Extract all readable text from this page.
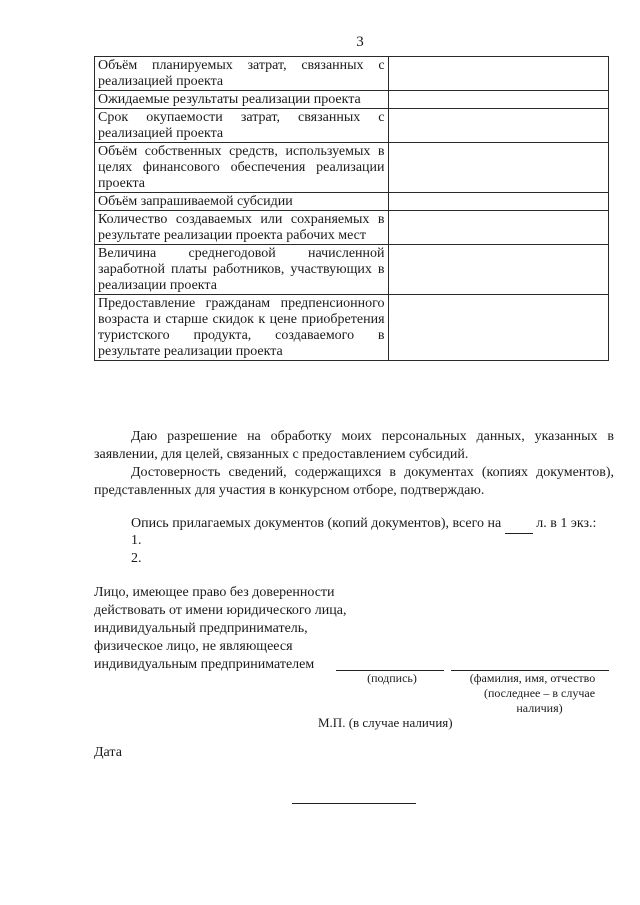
3
Объём планируемых затрат, связанных с реализацией проекта	
Ожидаемые результаты реализации проекта	
Срок окупаемости затрат, связанных с реализацией проекта	
Объём собственных средств, используемых в целях финансового обеспечения реализации проекта	
Объём запрашиваемой субсидии	
Количество создаваемых или сохраняемых в результате реализации проекта рабочих мест	
Величина среднегодовой начисленной заработной платы работников, участвующих в реализации проекта	
Предоставление гражданам предпенсионного возраста и старше скидок к цене приобретения туристского продукта, создаваемого в результате реализации проекта	

Даю разрешение на обработку моих персональных данных, указанных в заявлении, для целей, связанных с предоставлением субсидий.

Достоверность сведений, содержащихся в документах (копиях документов), представленных для участия в конкурсном отборе, подтверждаю.

Опись прилагаемых документов (копий документов), всего на	л. в 1 экз.:

1.

2.

Лицо, имеющее право без доверенности

действовать от имени юридического лица,

индивидуальный предприниматель,

физическое лицо, не являющееся

индивидуальным предпринимателем

(подпись)	(фамилия, имя, отчество

(последнее – в случае

наличия)

М.П. (в случае наличия)

Дата
